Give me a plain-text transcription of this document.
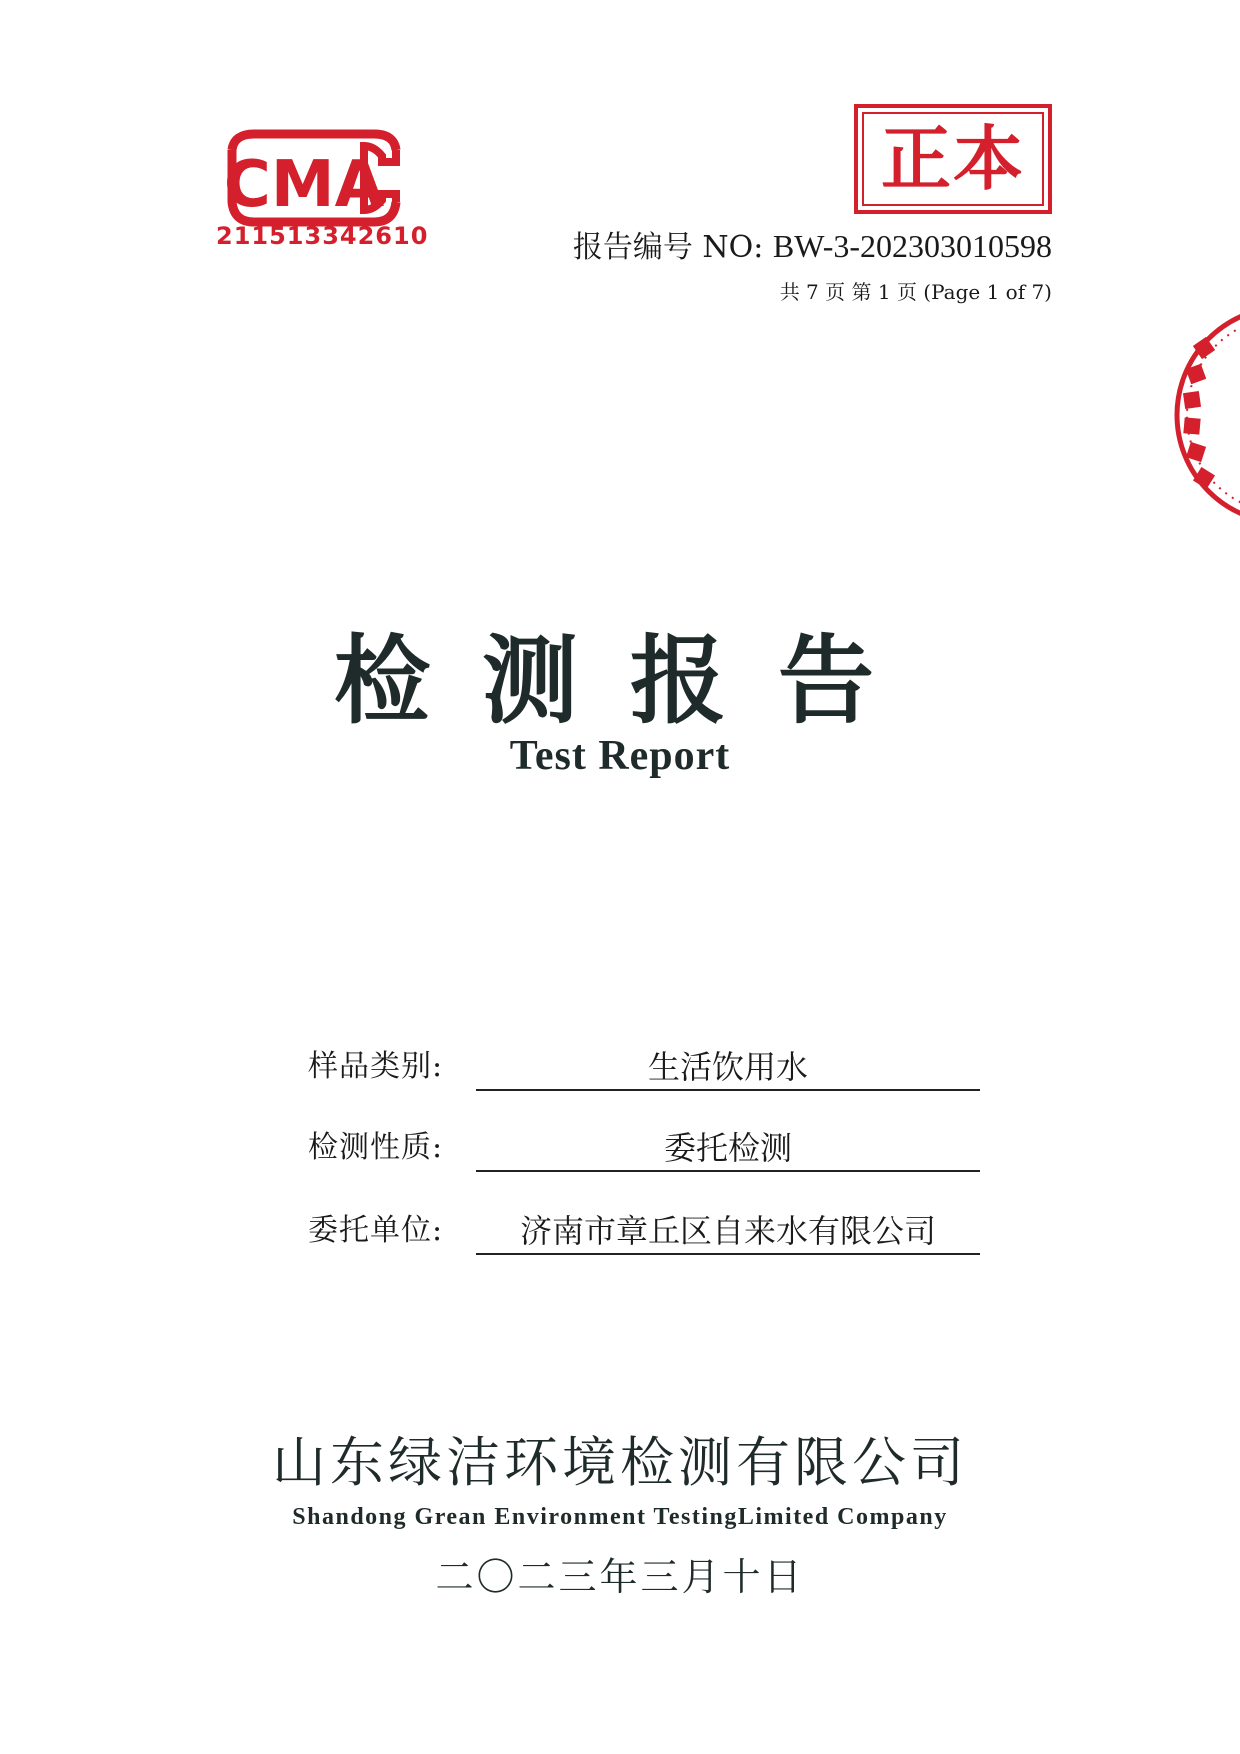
CMA
211513342610
正本
报告编号 NO: BW-3-202303010598
共 7 页 第 1 页 (Page 1 of 7)
检测报告
Test Report
样品类别:	生活饮用水
检测性质:	委托检测
委托单位:	济南市章丘区自来水有限公司
山东绿洁环境检测有限公司
Shandong Grean Environment TestingLimited Company
二〇二三年三月十日
